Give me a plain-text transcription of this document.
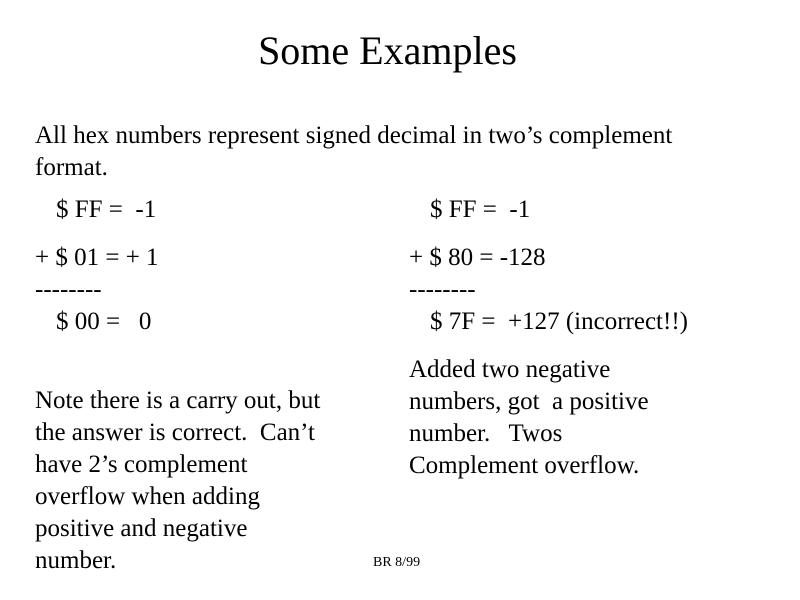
Some Examples
All hex numbers represent signed decimal in two’s complement
format.
$ FF =  -1
+ $ 01 = + 1
--------
$ 00 =   0
$ FF =  -1
+ $ 80 = -128
--------
$ 7F =  +127 (incorrect!!)
Note there is a carry out, but
the answer is correct.  Can’t
have 2’s complement
overflow when adding
positive and negative
number.
Added two negative
numbers, got  a positive
number.   Twos
Complement overflow.
BR 8/99
